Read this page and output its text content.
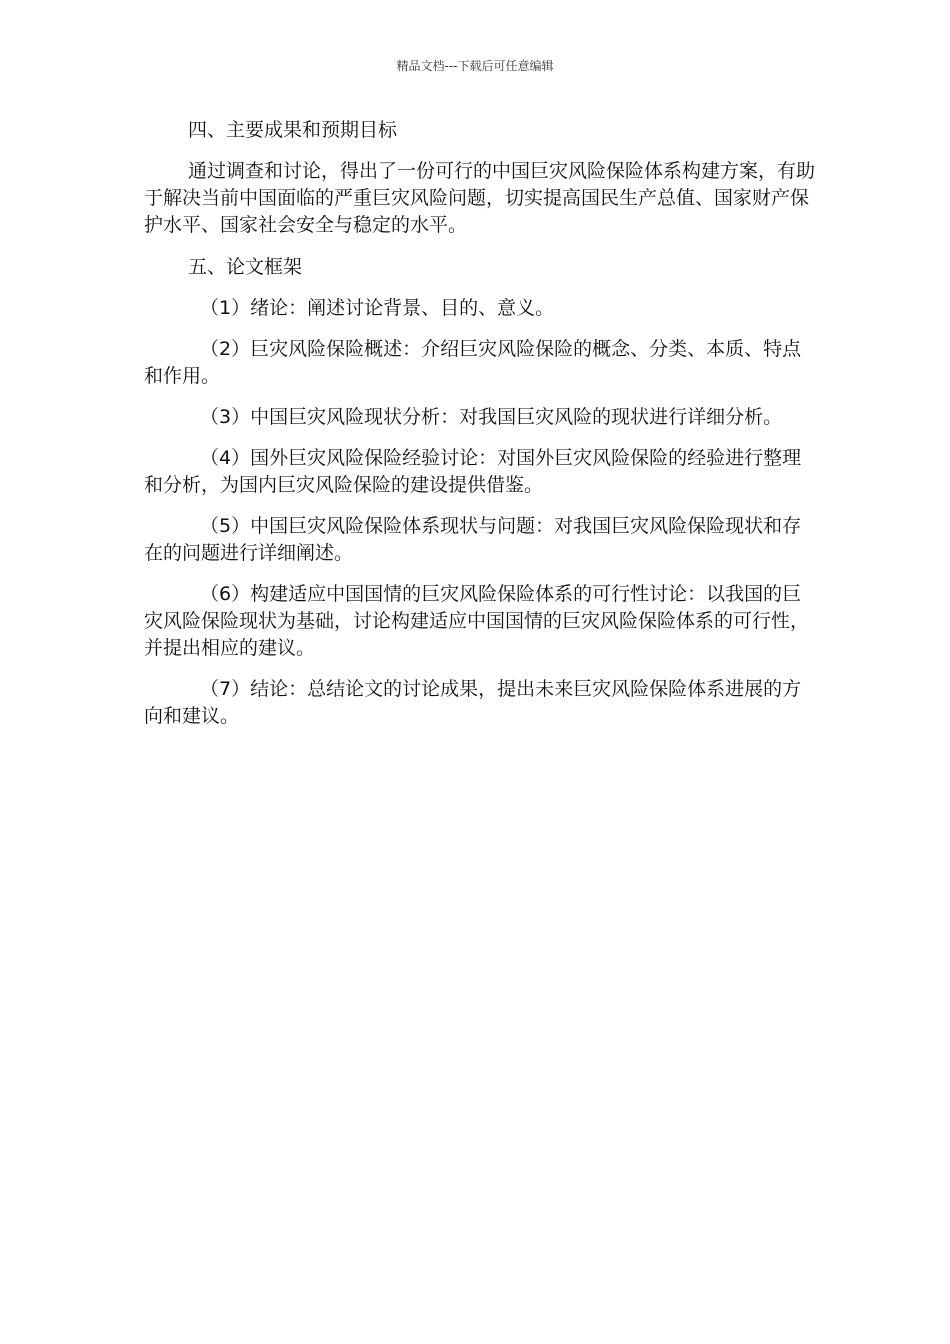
精品文档---下载后可任意编辑

四、主要成果和预期目标

通过调查和讨论，得出了一份可行的中国巨灾风险保险体系构建方案，有助于解决当前中国面临的严重巨灾风险问题，切实提高国民生产总值、国家财产保护水平、国家社会安全与稳定的水平。

五、论文框架

（1）绪论：阐述讨论背景、目的、意义。

（2）巨灾风险保险概述：介绍巨灾风险保险的概念、分类、本质、特点和作用。

（3）中国巨灾风险现状分析：对我国巨灾风险的现状进行详细分析。

（4）国外巨灾风险保险经验讨论：对国外巨灾风险保险的经验进行整理和分析，为国内巨灾风险保险的建设提供借鉴。

（5）中国巨灾风险保险体系现状与问题：对我国巨灾风险保险现状和存在的问题进行详细阐述。

（6）构建适应中国国情的巨灾风险保险体系的可行性讨论：以我国的巨灾风险保险现状为基础，讨论构建适应中国国情的巨灾风险保险体系的可行性，并提出相应的建议。

（7）结论：总结论文的讨论成果，提出未来巨灾风险保险体系进展的方向和建议。
